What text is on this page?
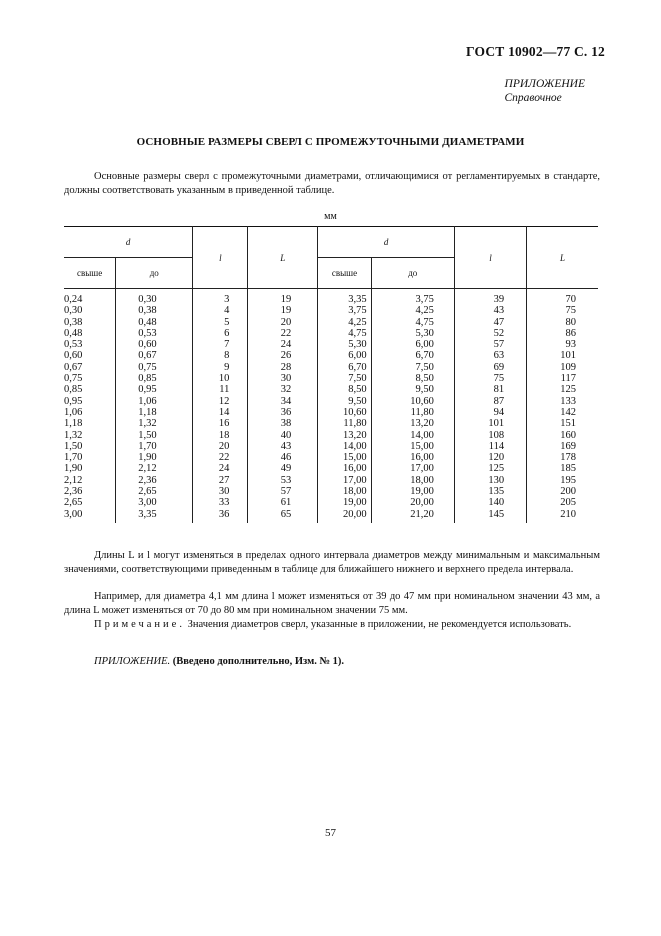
ГОСТ 10902—77 С. 12
ПРИЛОЖЕНИЕ
Справочное
ОСНОВНЫЕ РАЗМЕРЫ СВЕРЛ С ПРОМЕЖУТОЧНЫМИ ДИАМЕТРАМИ
Основные размеры сверл с промежуточными диаметрами, отличающимися от регламентируемых в стандарте, должны соответствовать указанным в приведенной таблице.
мм
d		l	L	d		l	L
свыше	до			свыше	до		
0,24	0,30	3	19	3,35	3,75	39	70
0,30	0,38	4	19	3,75	4,25	43	75
0,38	0,48	5	20	4,25	4,75	47	80
0,48	0,53	6	22	4,75	5,30	52	86
0,53	0,60	7	24	5,30	6,00	57	93
0,60	0,67	8	26	6,00	6,70	63	101
0,67	0,75	9	28	6,70	7,50	69	109
0,75	0,85	10	30	7,50	8,50	75	117
0,85	0,95	11	32	8,50	9,50	81	125
0,95	1,06	12	34	9,50	10,60	87	133
1,06	1,18	14	36	10,60	11,80	94	142
1,18	1,32	16	38	11,80	13,20	101	151
1,32	1,50	18	40	13,20	14,00	108	160
1,50	1,70	20	43	14,00	15,00	114	169
1,70	1,90	22	46	15,00	16,00	120	178
1,90	2,12	24	49	16,00	17,00	125	185
2,12	2,36	27	53	17,00	18,00	130	195
2,36	2,65	30	57	18,00	19,00	135	200
2,65	3,00	33	61	19,00	20,00	140	205
3,00	3,35	36	65	20,00	21,20	145	210
Длины L и l могут изменяться в пределах одного интервала диаметров между минимальным и максимальным значениями, соответствующими приведенным в таблице для ближайшего нижнего и верхнего предела интервала.
Например, для диаметра 4,1 мм длина l может изменяться от 39 до 47 мм при номинальном значении 43 мм, а длина L может изменяться от 70 до 80 мм при номинальном значении 75 мм.
Примечание. Значения диаметров сверл, указанные в приложении, не рекомендуется использовать.
ПРИЛОЖЕНИЕ. (Введено дополнительно, Изм. № 1).
57
